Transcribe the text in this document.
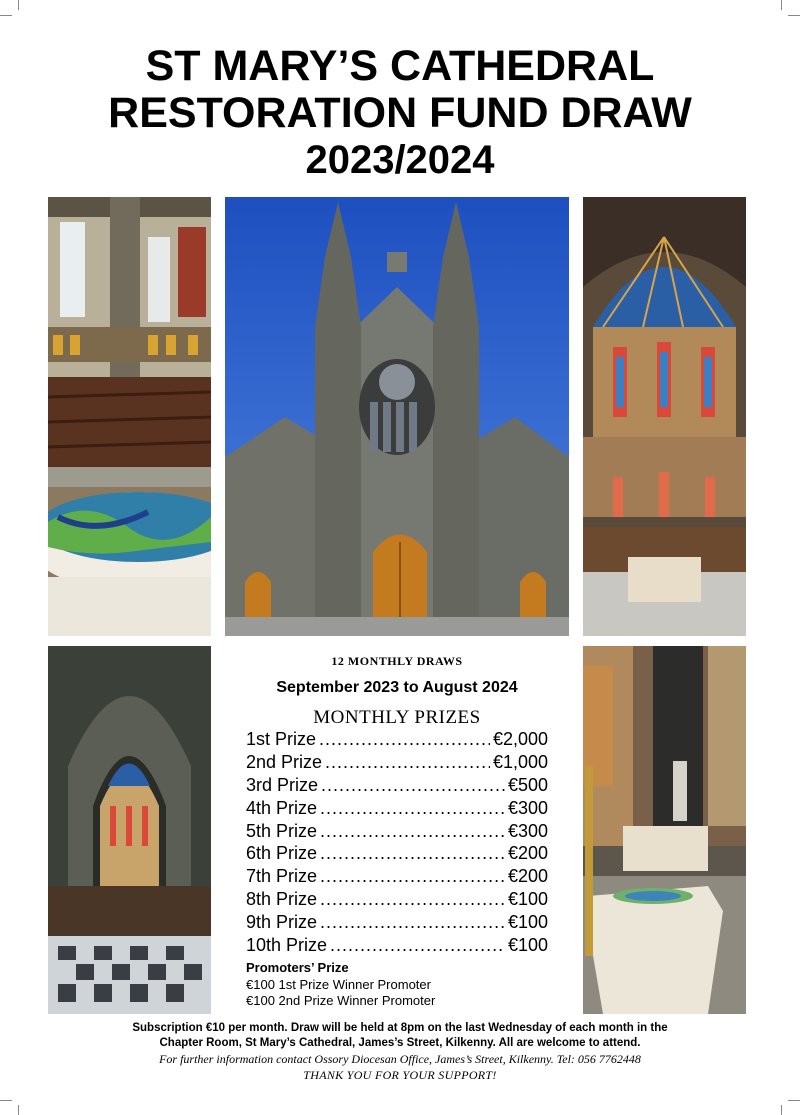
ST MARY’S CATHEDRAL
RESTORATION FUND DRAW
2023/2024
12 MONTHLY DRAWS
September 2023 to August 2024
MONTHLY PRIZES
1st Prize .....	€2,000
2nd Prize .....	€1,000
3rd Prize .....	€500
4th Prize .....	€300
5th Prize .....	€300
6th Prize .....	€200
7th Prize .....	€200
8th Prize .....	€100
9th Prize .....	€100
10th Prize .....	€100
Promoters’ Prize
€100 1st Prize Winner Promoter
€100 2nd Prize Winner Promoter
Subscription €10 per month. Draw will be held at 8pm on the last Wednesday of each month in the
Chapter Room, St Mary’s Cathedral, James’s Street, Kilkenny. All are welcome to attend.
For further information contact Ossory Diocesan Office, James’s Street, Kilkenny. Tel: 056 7762448
THANK YOU FOR YOUR SUPPORT!
